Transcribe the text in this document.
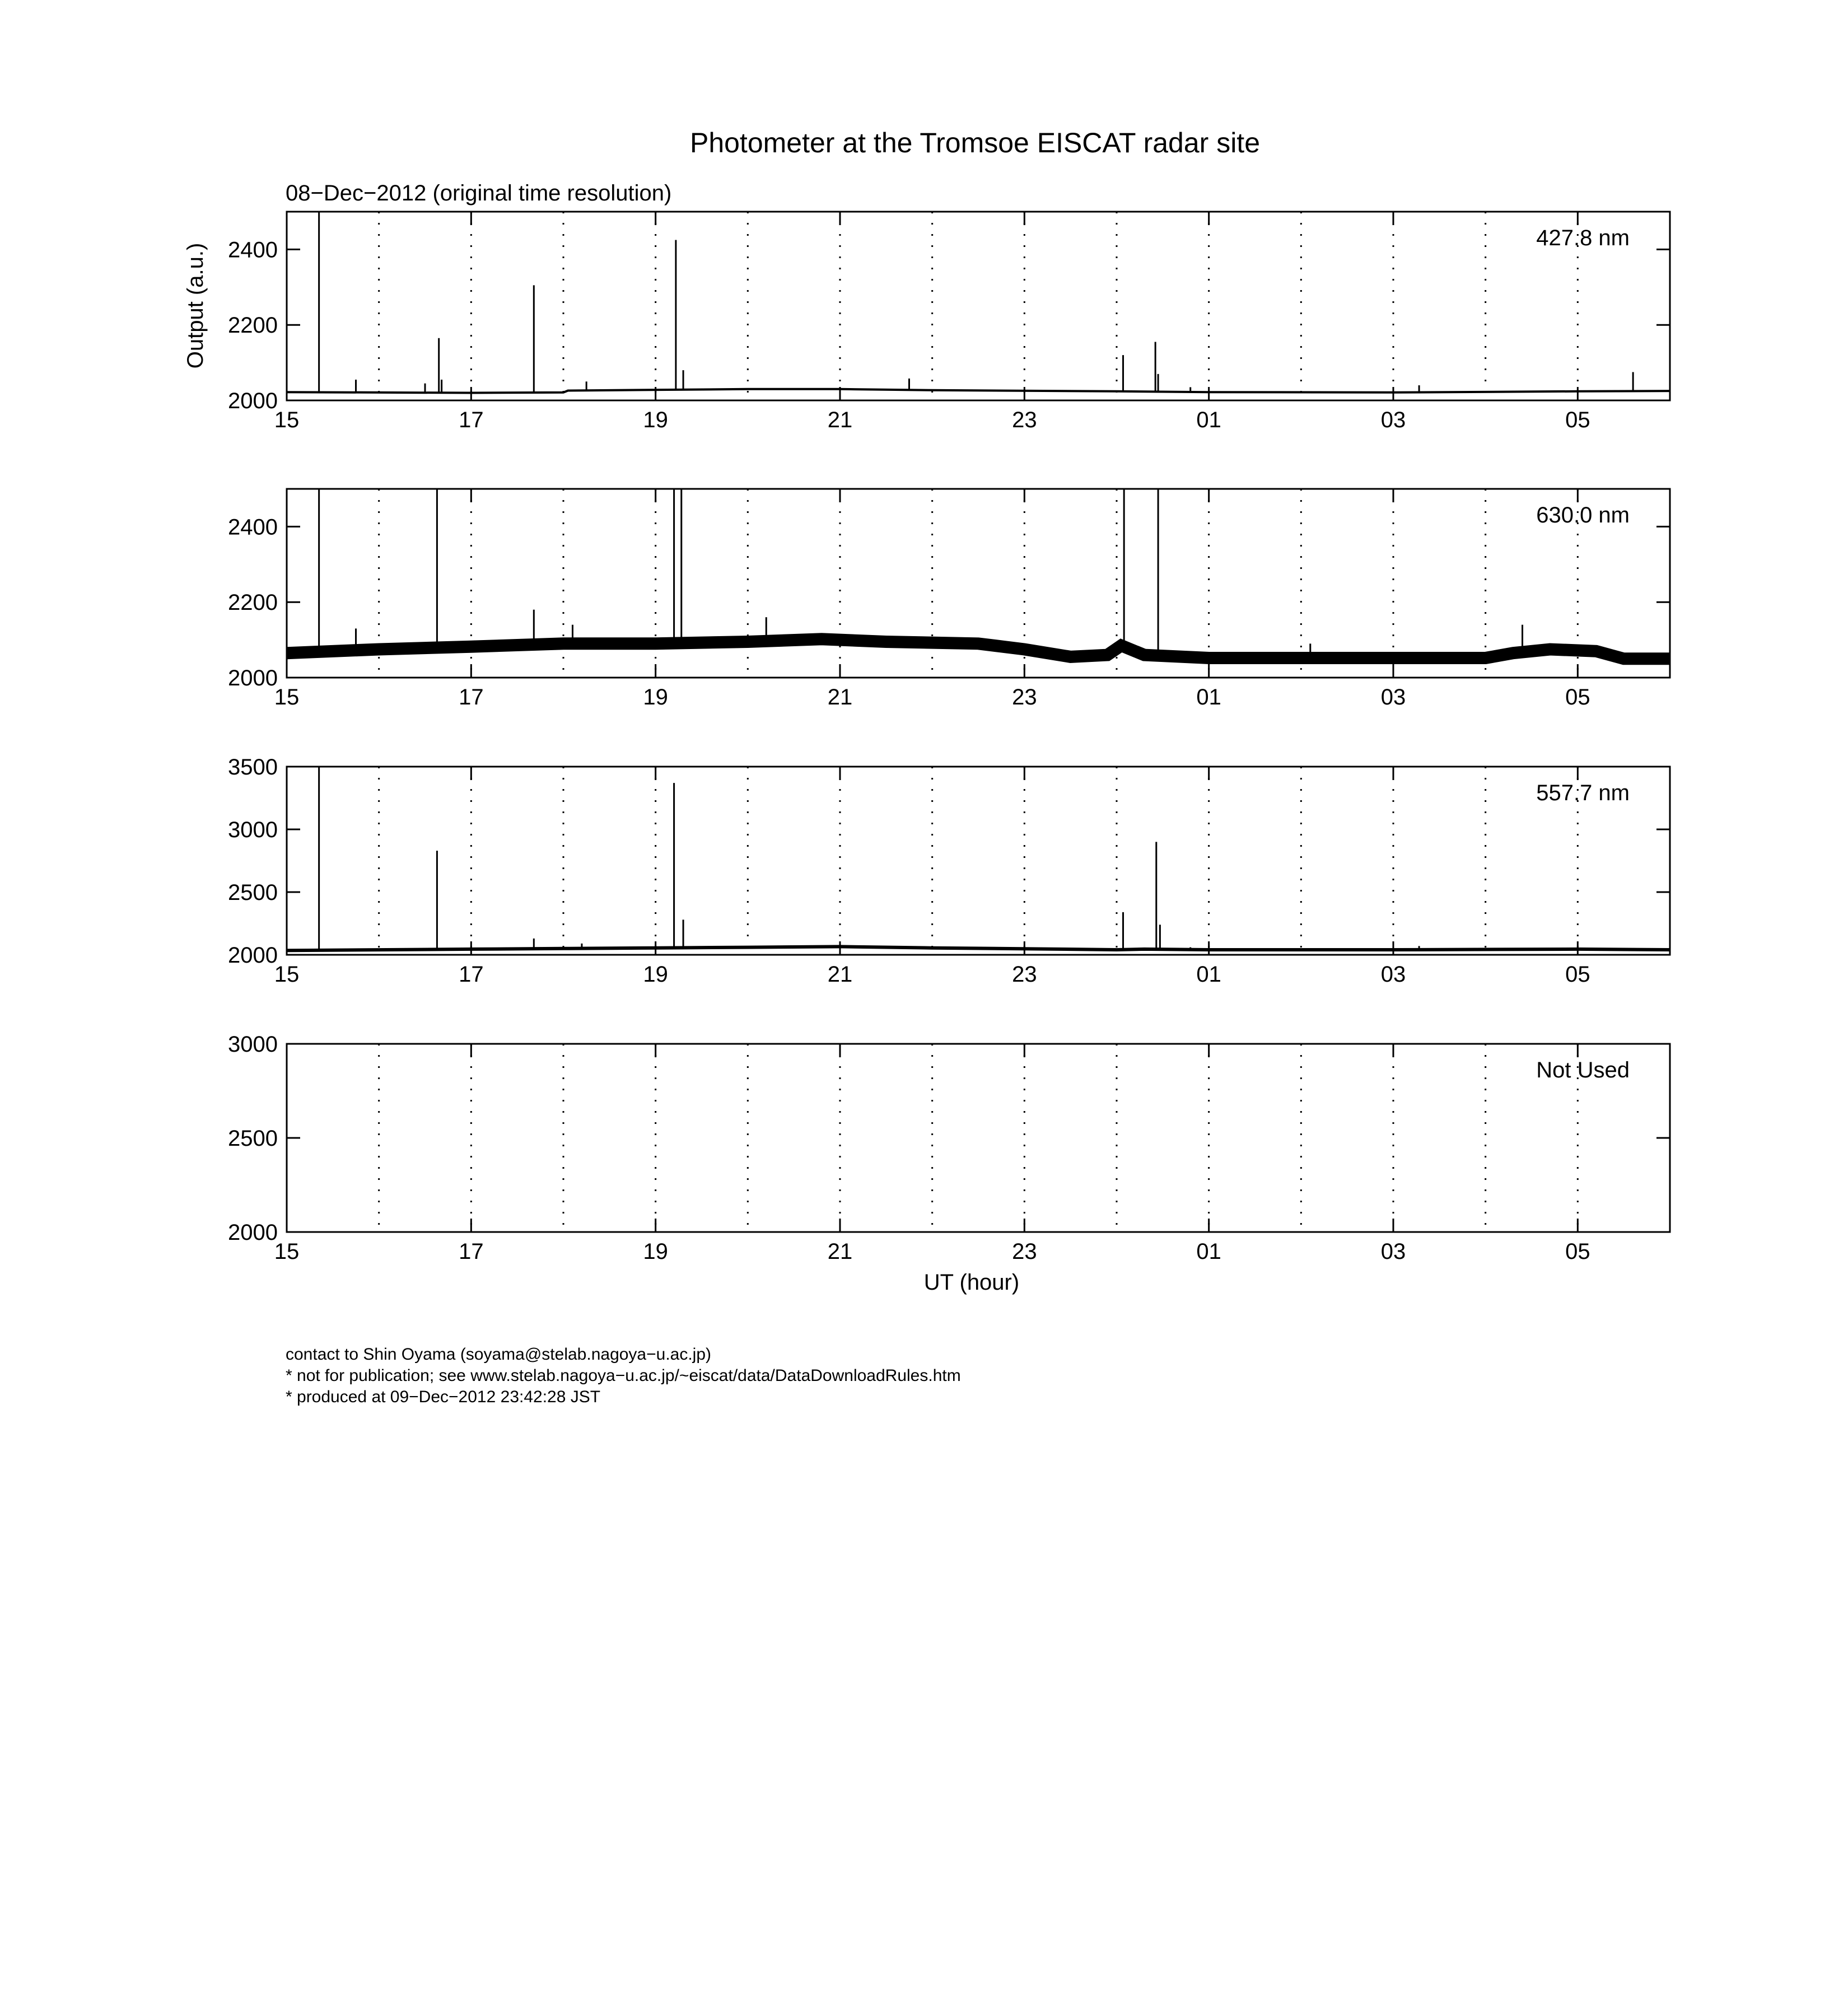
Photometer at the Tromsoe EISCAT radar site
08−Dec−2012 (original time resolution)
Output (a.u.)
UT (hour)
contact to Shin Oyama (soyama@stelab.nagoya−u.ac.jp)
* not for publication; see www.stelab.nagoya−u.ac.jp/~eiscat/data/DataDownloadRules.htm
* produced at 09−Dec−2012 23:42:28 JST
2000
2200
2400
15	17	19	21	23	01	03	05
427.8 nm
2000
2200
2400
15	17	19	21	23	01	03	05
630.0 nm
2000
2500
3000
3500
15	17	19	21	23	01	03	05
557.7 nm
2000
2500
3000
15	17	19	21	23	01	03	05
Not Used
